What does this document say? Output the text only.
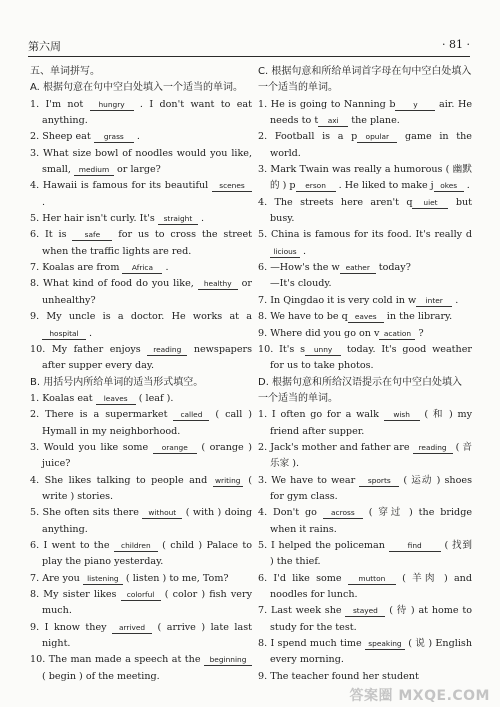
第六周	· 81 ·

五、单词拼写。

A. 根据句意在句中空白处填入一个适当的单词。

1. I'm not hungry . I don't want to eat anything.

2. Sheep eat grass .

3. What size bowl of noodles would you like, small, medium or large?

4. Hawaii is famous for its beautiful scenes .

5. Her hair isn't curly. It's straight .

6. It is safe for us to cross the street when the traffic lights are red.

7. Koalas are from Africa .

8. What kind of food do you like, healthy or unhealthy?

9. My uncle is a doctor. He works at a hospital .

10. My father enjoys reading newspapers after supper every day.

B. 用括号内所给单词的适当形式填空。

1. Koalas eat leaves ( leaf ).

2. There is a supermarket called ( call ) Hymall in my neighborhood.

3. Would you like some orange ( orange ) juice?

4. She likes talking to people and writing ( write ) stories.

5. She often sits there without ( with ) doing anything.

6. I went to the children ( child ) Palace to play the piano yesterday.

7. Are you listening ( listen ) to me, Tom?

8. My sister likes colorful ( color ) fish very much.

9. I know they arrived ( arrive ) late last night.

10. The man made a speech at the beginning ( begin ) of the meeting.

C. 根据句意和所给单词首字母在句中空白处填入一个适当的单词。

1. He is going to Nanning b y air. He needs to t axi the plane.

2. Football is a p opular game in the world.

3. Mark Twain was really a humorous ( 幽默的 ) p erson . He liked to make j okes .

4. The streets here aren't q uiet but busy.

5. China is famous for its food. It's really dlicious .

6. —How's the w eather today?

—It's cloudy.

7. In Qingdao it is very cold in w inter .

8. We have to be q eaves in the library.

9. Where did you go on v acation ?

10. It's s unny today. It's good weather for us to take photos.

D. 根据句意和所给汉语提示在句中空白处填入一个适当的单词。

1. I often go for a walk wish ( 和 ) my friend after supper.

2. Jack's mother and father are reading ( 音乐家 ).

3. We have to wear sports ( 运动 ) shoes for gym class.

4. Don't go across ( 穿过 ) the bridge when it rains.

5. I helped the policeman	find ( 找到 ) the thief.

6. I'd like some mutton ( 羊肉 ) and noodles for lunch.

7. Last week she stayed ( 待 ) at home to study for the test.

8. I spend much time speaking ( 说 ) English every morning.

9. The teacher found her student

答案圈 MXQE.COM
